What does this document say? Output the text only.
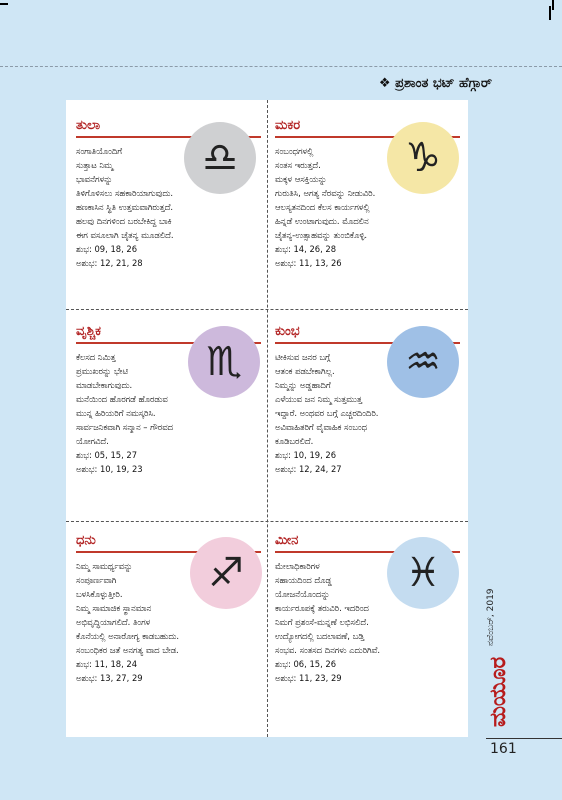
❖ ಪ್ರಶಾಂತ ಭಟ್ ಹೆಗ್ಗಾರ್
♎
ತುಲಾ
ಸಂಗಾತಿಯೊಂದಿಗೆ
ಸುತ್ತಾಟ ನಿಮ್ಮ
ಭಾವನೆಗಳನ್ನು
ತಿಳಿಗೊಳಿಸಲು ಸಹಕಾರಿಯಾಗುವುದು.
ಹಣಕಾಸಿನ ಸ್ಥಿತಿ ಉತ್ತಮವಾಗಿರುತ್ತದೆ.
ಹಲವು ದಿನಗಳಿಂದ ಬರಬೇಕಿದ್ದ ಬಾಕಿ
ಈಗ ವಸೂಲಾಗಿ ಚೈತನ್ಯ ಮೂಡಲಿದೆ.
ಶುಭ: 09, 18, 26
ಅಶುಭ: 12, 21, 28
♑
ಮಕರ
ಸಂಬಂಧಗಳಲ್ಲಿ
ಸಂತಸ ಇರುತ್ತದೆ.
ಮಕ್ಕಳ ಆಸಕ್ತಿಯನ್ನು
ಗುರುತಿಸಿ, ಅಗತ್ಯ ನೆರವನ್ನು ನೀಡುವಿರಿ.
ಆಲಸ್ಯತನದಿಂದ ಕೆಲಸ ಕಾರ್ಯಗಳಲ್ಲಿ
ಹಿನ್ನಡೆ ಉಂಟಾಗುವುದು. ಮೊದಲಿನ
ಚೈತನ್ಯ-ಉತ್ಸಾಹವನ್ನು ತುಂಬಿಕೊಳ್ಳಿ.
ಶುಭ: 14, 26, 28
ಅಶುಭ: 11, 13, 26
♏
ವೃಶ್ಚಿಕ
ಕೆಲಸದ ನಿಮಿತ್ತ
ಪ್ರಮುಖರನ್ನು ಭೇಟಿ
ಮಾಡಬೇಕಾಗುವುದು.
ಮನೆಯಿಂದ ಹೊರಗಡೆ ಹೊರಡುವ
ಮುನ್ನ ಹಿರಿಯರಿಗೆ ನಮಸ್ಕರಿಸಿ.
ಸಾರ್ವಜನಿಕವಾಗಿ ಸನ್ಮಾನ – ಗೌರವದ
ಯೋಗವಿದೆ.
ಶುಭ: 05, 15, 27
ಅಶುಭ: 10, 19, 23
♒
ಕುಂಭ
ಟೀಕಿಸುವ ಜನರ ಬಗ್ಗೆ
ಆತಂಕ ಪಡಬೇಕಾಗಿಲ್ಲ.
ನಿಮ್ಮನ್ನು ಅಡ್ಡಹಾದಿಗೆ
ಎಳೆಯುವ ಜನ ನಿಮ್ಮ ಸುತ್ತಮುತ್ತ
ಇದ್ದಾರೆ. ಅಂಥವರ ಬಗ್ಗೆ ಎಚ್ಚರದಿಂದಿರಿ.
ಅವಿವಾಹಿತರಿಗೆ ವೈವಾಹಿಕ ಸಂಬಂಧ
ಕೂಡಿಬರಲಿದೆ.
ಶುಭ: 10, 19, 26
ಅಶುಭ: 12, 24, 27
♐
ಧನು
ನಿಮ್ಮ ಸಾಮರ್ಥ್ಯವನ್ನು
ಸಂಪೂರ್ಣವಾಗಿ
ಬಳಸಿಕೊಳ್ಳುತ್ತೀರಿ.
ನಿಮ್ಮ ಸಾಮಾಜಿಕ ಸ್ಥಾನಮಾನ
ಅಭಿವೃದ್ಧಿಯಾಗಲಿದೆ. ತಿಂಗಳ
ಕೊನೆಯಲ್ಲಿ ಅನಾರೋಗ್ಯ ಕಾಡಬಹುದು.
ಸಂಬಂಧಿಕರ ಜತೆ ಅನಗತ್ಯ ವಾದ ಬೇಡ.
ಶುಭ: 11, 18, 24
ಅಶುಭ: 13, 27, 29
♓
ಮೀನ
ಮೇಲಾಧಿಕಾರಿಗಳ
ಸಹಾಯದಿಂದ ದೊಡ್ಡ
ಯೋಜನೆಯೊಂದನ್ನು
ಕಾರ್ಯರೂಪಕ್ಕೆ ತರುವಿರಿ. ಇದರಿಂದ
ನಿಮಗೆ ಪ್ರಶಂಸೆ-ಮನ್ನಣೆ ಲಭಿಸಲಿದೆ.
ಉದ್ಯೋಗದಲ್ಲಿ ಬದಲಾವಣೆ, ಬಡ್ತಿ
ಸಂಭವ. ಸಂತಸದ ದಿನಗಳು ಎದುರಿಗಿವೆ.
ಶುಭ: 06, 15, 26
ಅಶುಭ: 11, 23, 29
ನವೆಂಬರ್, 2019
ಮಯೂರ
161
